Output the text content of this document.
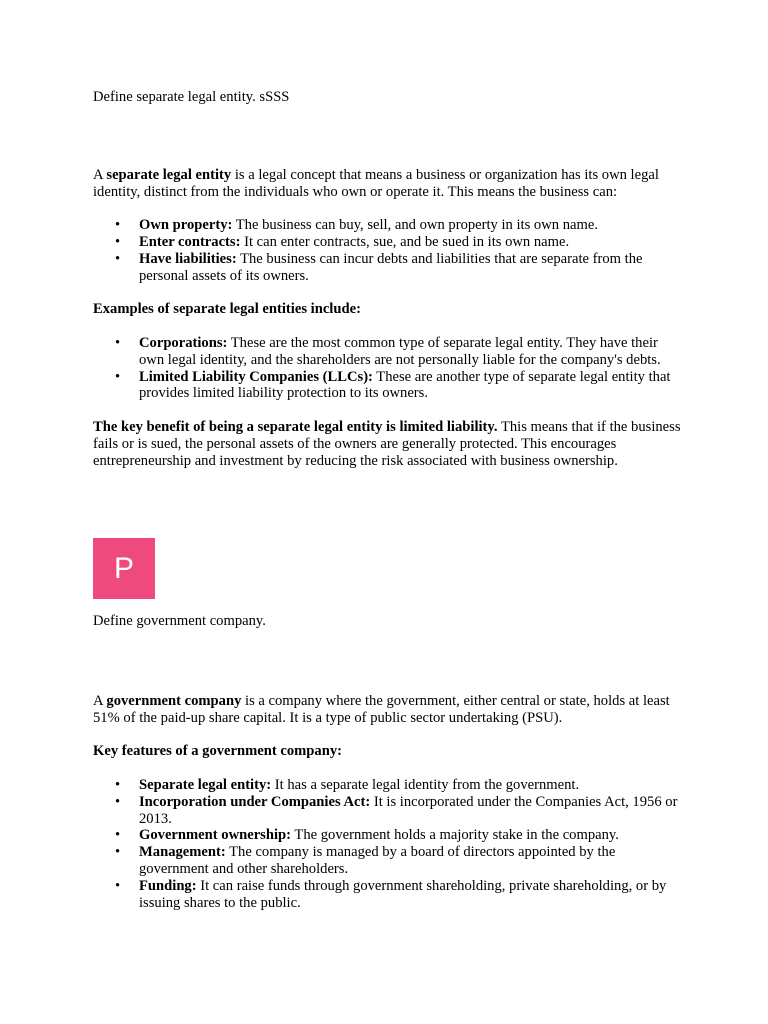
Define separate legal entity. sSSS

A separate legal entity is a legal concept that means a business or organization has its own legal identity, distinct from the individuals who own or operate it. This means the business can:

• Own property: The business can buy, sell, and own property in its own name.
• Enter contracts: It can enter contracts, sue, and be sued in its own name.
• Have liabilities: The business can incur debts and liabilities that are separate from the personal assets of its owners.

Examples of separate legal entities include:

• Corporations: These are the most common type of separate legal entity. They have their own legal identity, and the shareholders are not personally liable for the company's debts.
• Limited Liability Companies (LLCs): These are another type of separate legal entity that provides limited liability protection to its owners.

The key benefit of being a separate legal entity is limited liability. This means that if the business fails or is sued, the personal assets of the owners are generally protected. This encourages entrepreneurship and investment by reducing the risk associated with business ownership.

Define government company.

A government company is a company where the government, either central or state, holds at least 51% of the paid-up share capital. It is a type of public sector undertaking (PSU).

Key features of a government company:

• Separate legal entity: It has a separate legal identity from the government.
• Incorporation under Companies Act: It is incorporated under the Companies Act, 1956 or 2013.
• Government ownership: The government holds a majority stake in the company.
• Management: The company is managed by a board of directors appointed by the government and other shareholders.
• Funding: It can raise funds through government shareholding, private shareholding, or by issuing shares to the public.
P
